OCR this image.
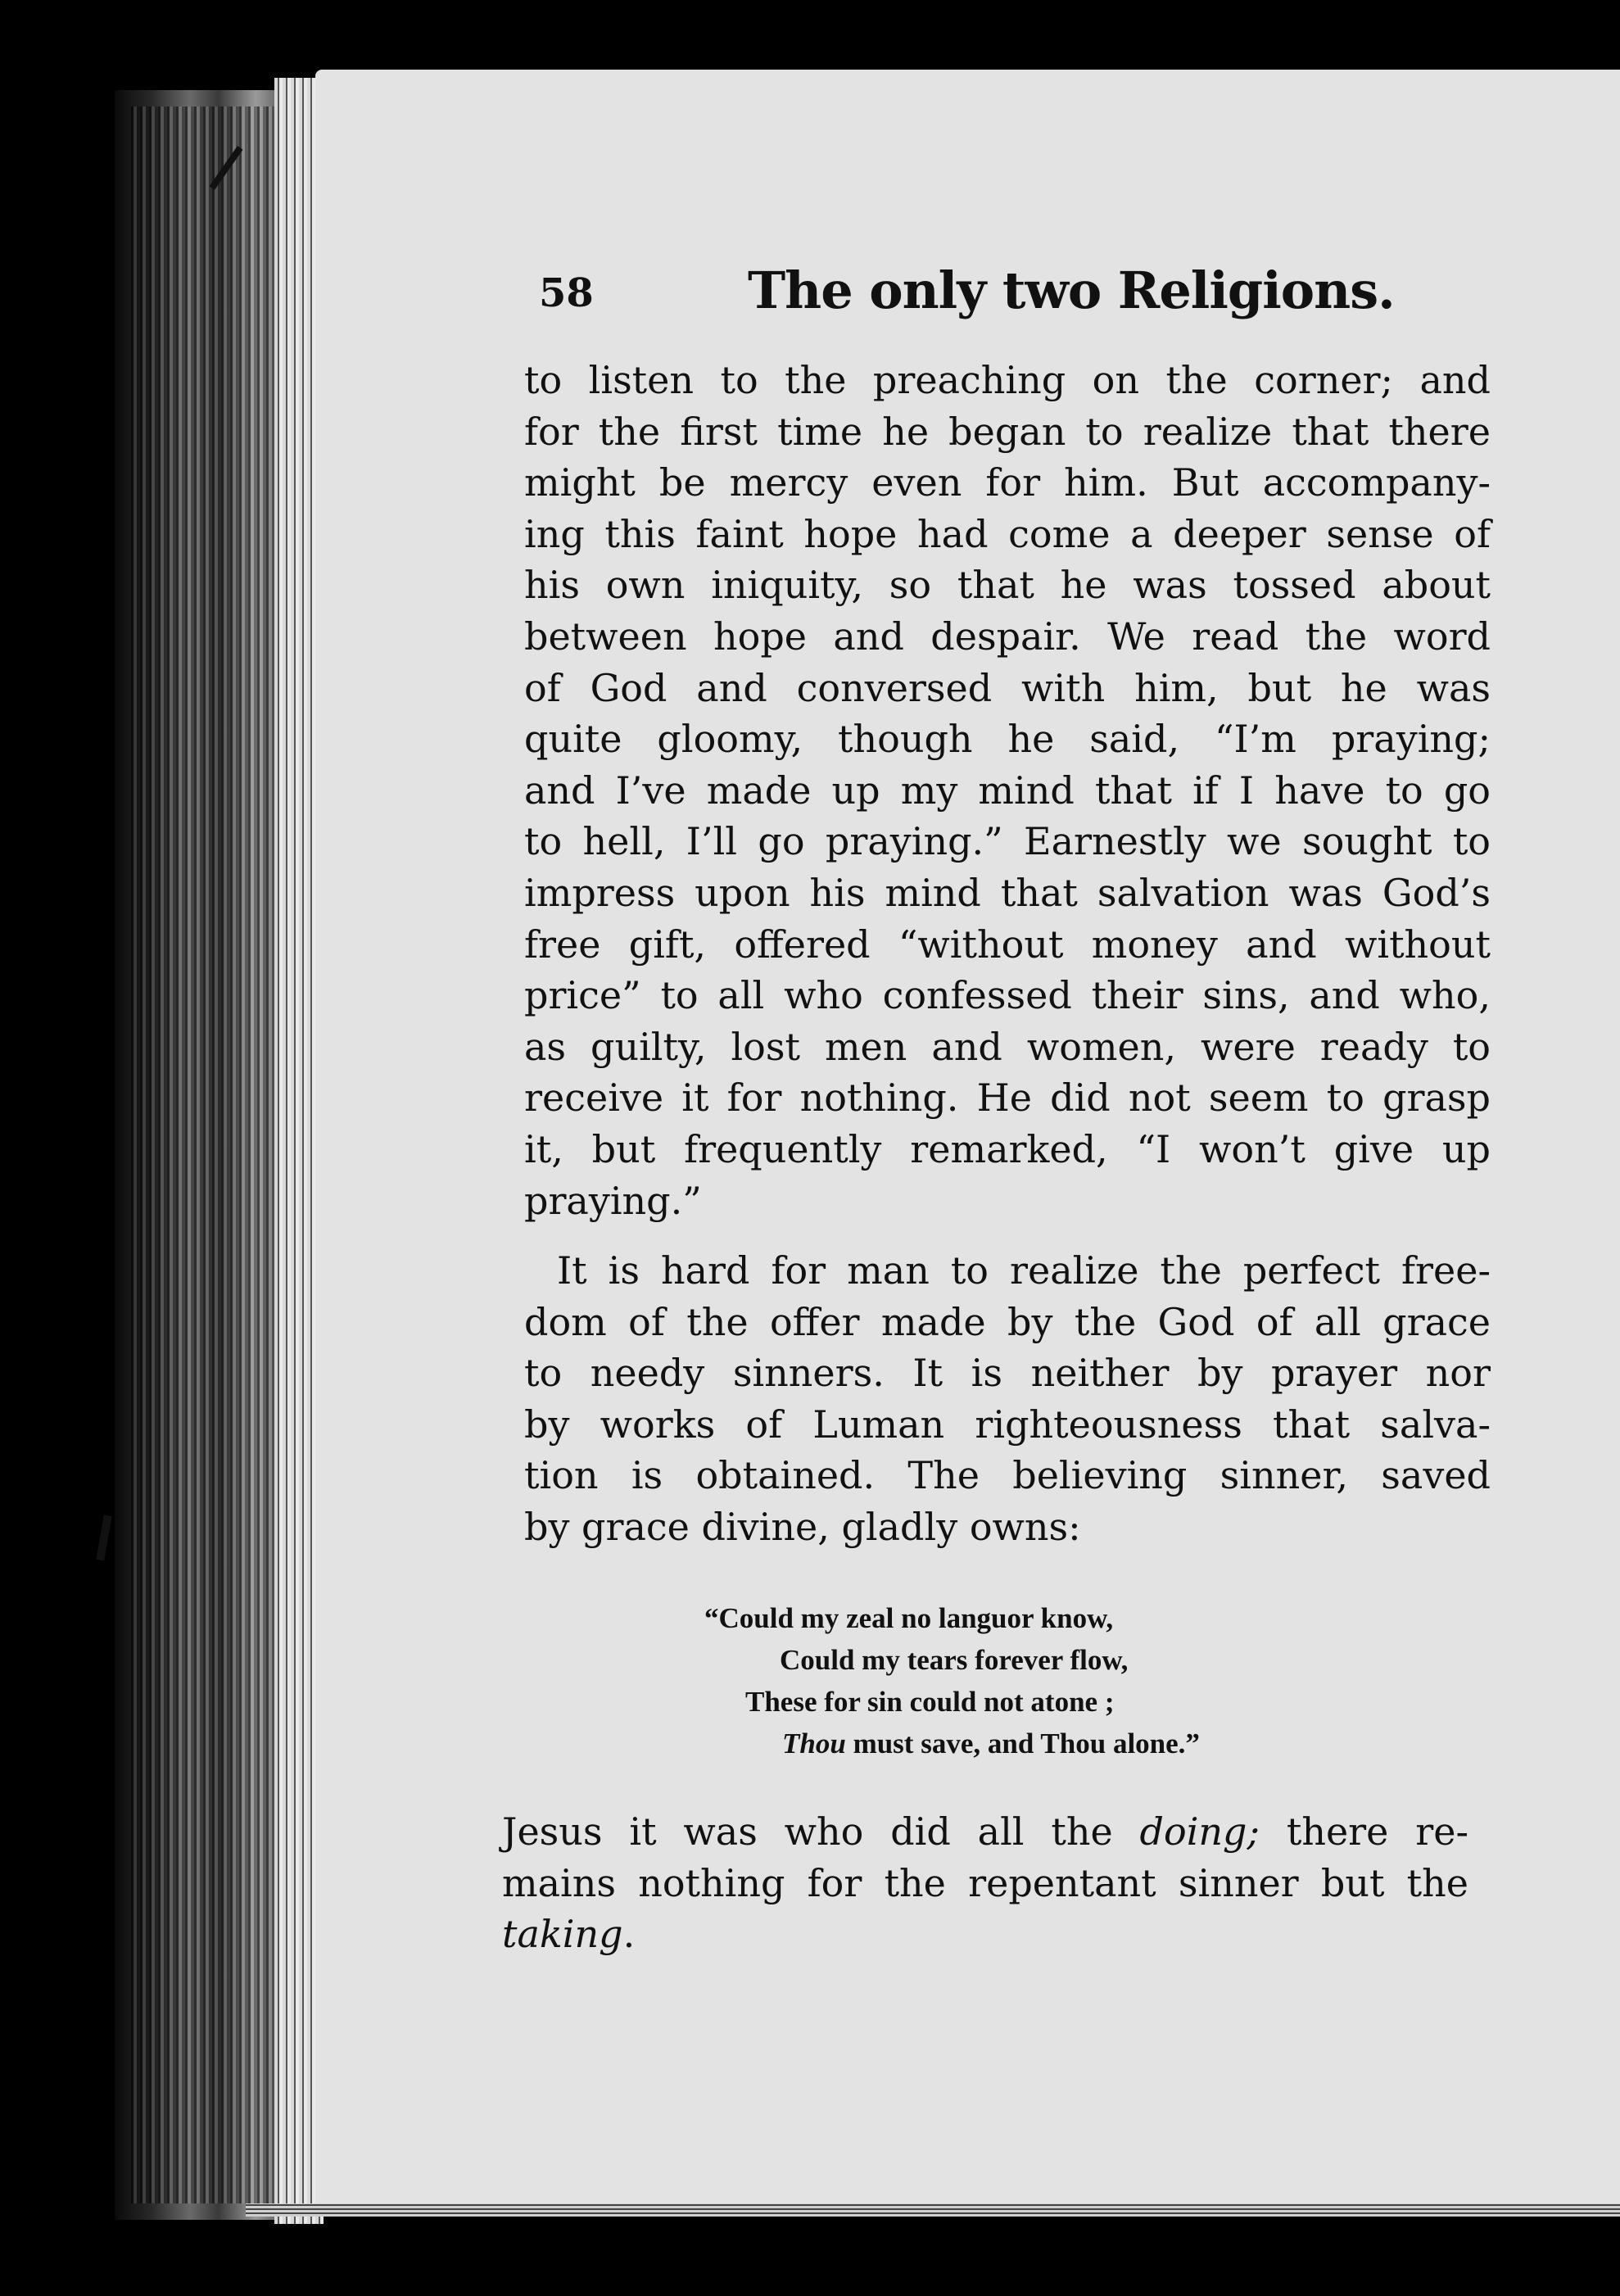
58	The only two Religions.
to listen to the preaching on the corner; and
for the first time he began to realize that there
might be mercy even for him. But accompany-
ing this faint hope had come a deeper sense of
his own iniquity, so that he was tossed about
between hope and despair. We read the word
of God and conversed with him, but he was
quite gloomy, though he said, “I’m praying;
and I’ve made up my mind that if I have to go
to hell, I’ll go praying.” Earnestly we sought to
impress upon his mind that salvation was God’s
free gift, offered “without money and without
price” to all who confessed their sins, and who,
as guilty, lost men and women, were ready to
receive it for nothing. He did not seem to grasp
it, but frequently remarked, “I won’t give up
praying.”
It is hard for man to realize the perfect free-
dom of the offer made by the God of all grace
to needy sinners. It is neither by prayer nor
by works of Luman righteousness that salva-
tion is obtained. The believing sinner, saved
by grace divine, gladly owns:
“Could my zeal no languor know,
Could my tears forever flow,
These for sin could not atone ;
Thou must save, and Thou alone.”
Jesus it was who did all the doing; there re-
mains nothing for the repentant sinner but the
taking.
